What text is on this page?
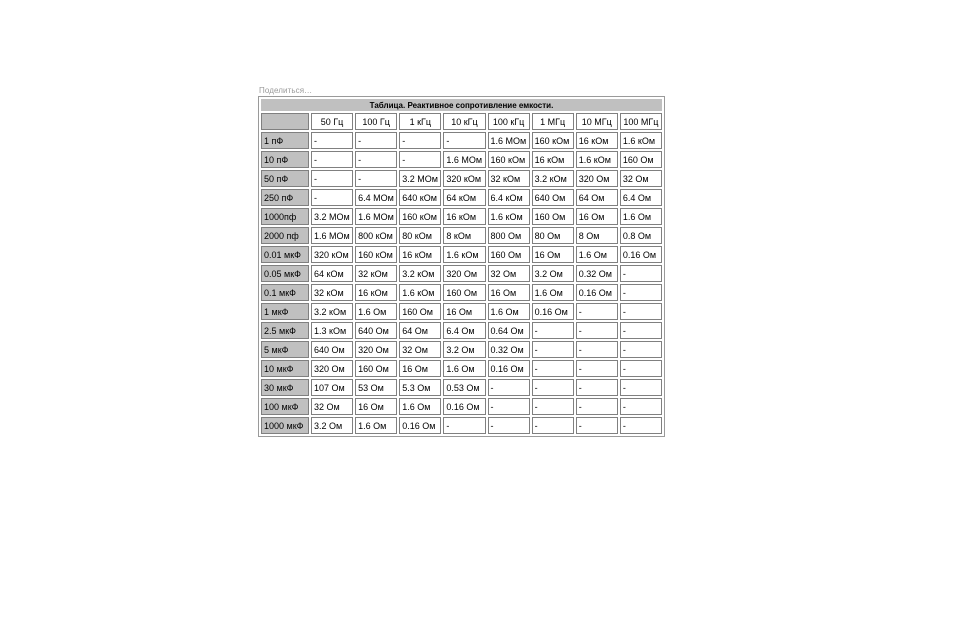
Поделиться…
Таблица. Реактивное сопротивление емкости.								
	50 Гц	100 Гц	1 кГц	10 кГц	100 кГц	1 МГц	10 МГц	100 МГц
1 пФ	-	-	-	-	1.6 МОм	160 кОм	16 кОм	1.6 кОм
10 пФ	-	-	-	1.6 МОм	160 кОм	16 кОм	1.6 кОм	160 Ом
50 пФ	-	-	3.2 МОм	320 кОм	32 кОм	3.2 кОм	320 Ом	32 Ом
250 пФ	-	6.4 МОм	640 кОм	64 кОм	6.4 кОм	640 Ом	64 Ом	6.4 Ом
1000пф	3.2 МОм	1.6 МОм	160 кОм	16 кОм	1.6 кОм	160 Ом	16 Ом	1.6 Ом
2000 пф	1.6 МОм	800 кОм	80 кОм	8 кОм	800 Ом	80 Ом	8 Ом	0.8 Ом
0.01 мкФ	320 кОм	160 кОм	16 кОм	1.6 кОм	160 Ом	16 Ом	1.6 Ом	0.16 Ом
0.05 мкФ	64 кОм	32 кОм	3.2 кОм	320 Ом	32 Ом	3.2 Ом	0.32 Ом	-
0.1 мкФ	32 кОм	16 кОм	1.6 кОм	160 Ом	16 Ом	1.6 Ом	0.16 Ом	-
1 мкФ	3.2 кОм	1.6 Ом	160 Ом	16 Ом	1.6 Ом	0.16 Ом	-	-
2.5 мкФ	1.3 кОм	640 Ом	64 Ом	6.4 Ом	0.64 Ом	-	-	-
5 мкФ	640 Ом	320 Ом	32 Ом	3.2 Ом	0.32 Ом	-	-	-
10 мкФ	320 Ом	160 Ом	16 Ом	1.6 Ом	0.16 Ом	-	-	-
30 мкФ	107 Ом	53 Ом	5.3 Ом	0.53 Ом	-	-	-	-
100 мкФ	32 Ом	16 Ом	1.6 Ом	0.16 Ом	-	-	-	-
1000 мкФ	3.2 Ом	1.6 Ом	0.16 Ом	-	-	-	-	-
